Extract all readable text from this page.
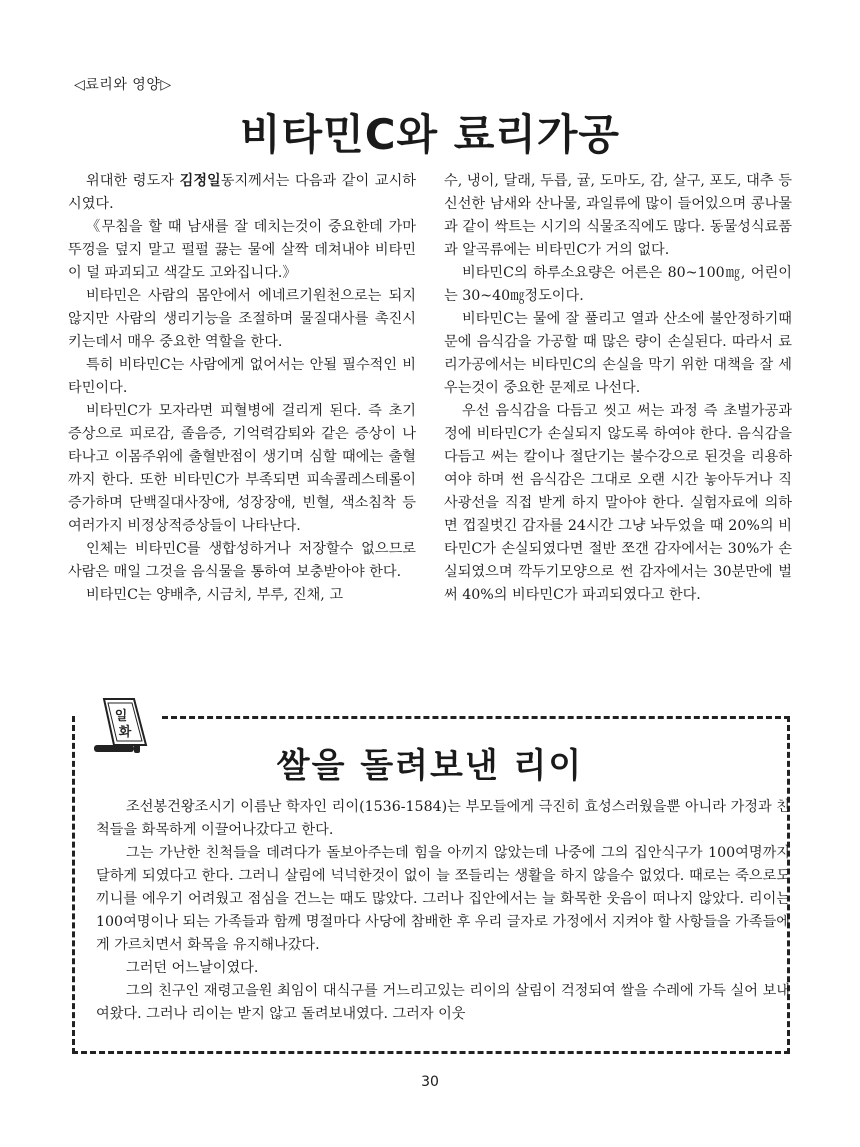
◁료리와 영양▷
비타민C와 료리가공

위대한 령도자 김정일동지께서는 다음과 같이 교시하시였다.

《무침을 할 때 남새를 잘 데치는것이 중요한데 가마뚜껑을 덮지 말고 펄펄 끓는 물에 살짝 데쳐내야 비타민이 덜 파괴되고 색갈도 고와집니다.》

비타민은 사람의 몸안에서 에네르기원천으로는 되지 않지만 사람의 생리기능을 조절하며 물질대사를 촉진시키는데서 매우 중요한 역할을 한다.

특히 비타민C는 사람에게 없어서는 안될 필수적인 비타민이다.

비타민C가 모자라면 피혈병에 걸리게 된다. 즉 초기증상으로 피로감, 졸음증, 기억력감퇴와 같은 증상이 나타나고 이몸주위에 출혈반점이 생기며 심할 때에는 출혈까지 한다. 또한 비타민C가 부족되면 피속콜레스테롤이 증가하며 단백질대사장애, 성장장애, 빈혈, 색소침착 등 여러가지 비정상적증상들이 나타난다.

인체는 비타민C를 생합성하거나 저장할수 없으므로 사람은 매일 그것을 음식물을 통하여 보충받아야 한다.

비타민C는 양배추, 시금치, 부루, 진채, 고

수, 냉이, 달래, 두릅, 귤, 도마도, 감, 살구, 포도, 대추 등 신선한 남새와 산나물, 과일류에 많이 들어있으며 콩나물과 같이 싹트는 시기의 식물조직에도 많다. 동물성식료품과 알곡류에는 비타민C가 거의 없다.

비타민C의 하루소요량은 어른은 80~100㎎, 어린이는 30~40㎎정도이다.

비타민C는 물에 잘 풀리고 열과 산소에 불안정하기때문에 음식감을 가공할 때 많은 량이 손실된다. 따라서 료리가공에서는 비타민C의 손실을 막기 위한 대책을 잘 세우는것이 중요한 문제로 나선다.

우선 음식감을 다듬고 씻고 써는 과정 즉 초벌가공과정에 비타민C가 손실되지 않도록 하여야 한다. 음식감을 다듬고 써는 칼이나 절단기는 불수강으로 된것을 리용하여야 하며 썬 음식감은 그대로 오랜 시간 놓아두거나 직사광선을 직접 받게 하지 말아야 한다. 실험자료에 의하면 껍질벗긴 감자를 24시간 그냥 놔두었을 때 20%의 비타민C가 손실되였다면 절반 쪼갠 감자에서는 30%가 손실되였으며 깍두기모양으로 썬 감자에서는 30분만에 벌써 40%의 비타민C가 파괴되였다고 한다.

일
화
쌀을 돌려보낸 리이

조선봉건왕조시기 이름난 학자인 리이(1536-1584)는 부모들에게 극진히 효성스러웠을뿐 아니라 가정과 친척들을 화목하게 이끌어나갔다고 한다.

그는 가난한 친척들을 데려다가 돌보아주는데 힘을 아끼지 않았는데 나중에 그의 집안식구가 100여명까지 달하게 되였다고 한다. 그러니 살림에 넉넉한것이 없이 늘 쪼들리는 생활을 하지 않을수 없었다. 때로는 죽으로도 끼니를 에우기 어려웠고 점심을 건느는 때도 많았다. 그러나 집안에서는 늘 화목한 웃음이 떠나지 않았다. 리이는 100여명이나 되는 가족들과 함께 명절마다 사당에 참배한 후 우리 글자로 가정에서 지켜야 할 사항들을 가족들에게 가르치면서 화목을 유지해나갔다.

그러던 어느날이였다.

그의 친구인 재령고을원 최임이 대식구를 거느리고있는 리이의 살림이 걱정되여 쌀을 수레에 가득 실어 보내여왔다. 그러나 리이는 받지 않고 돌려보내였다. 그러자 이웃

30
